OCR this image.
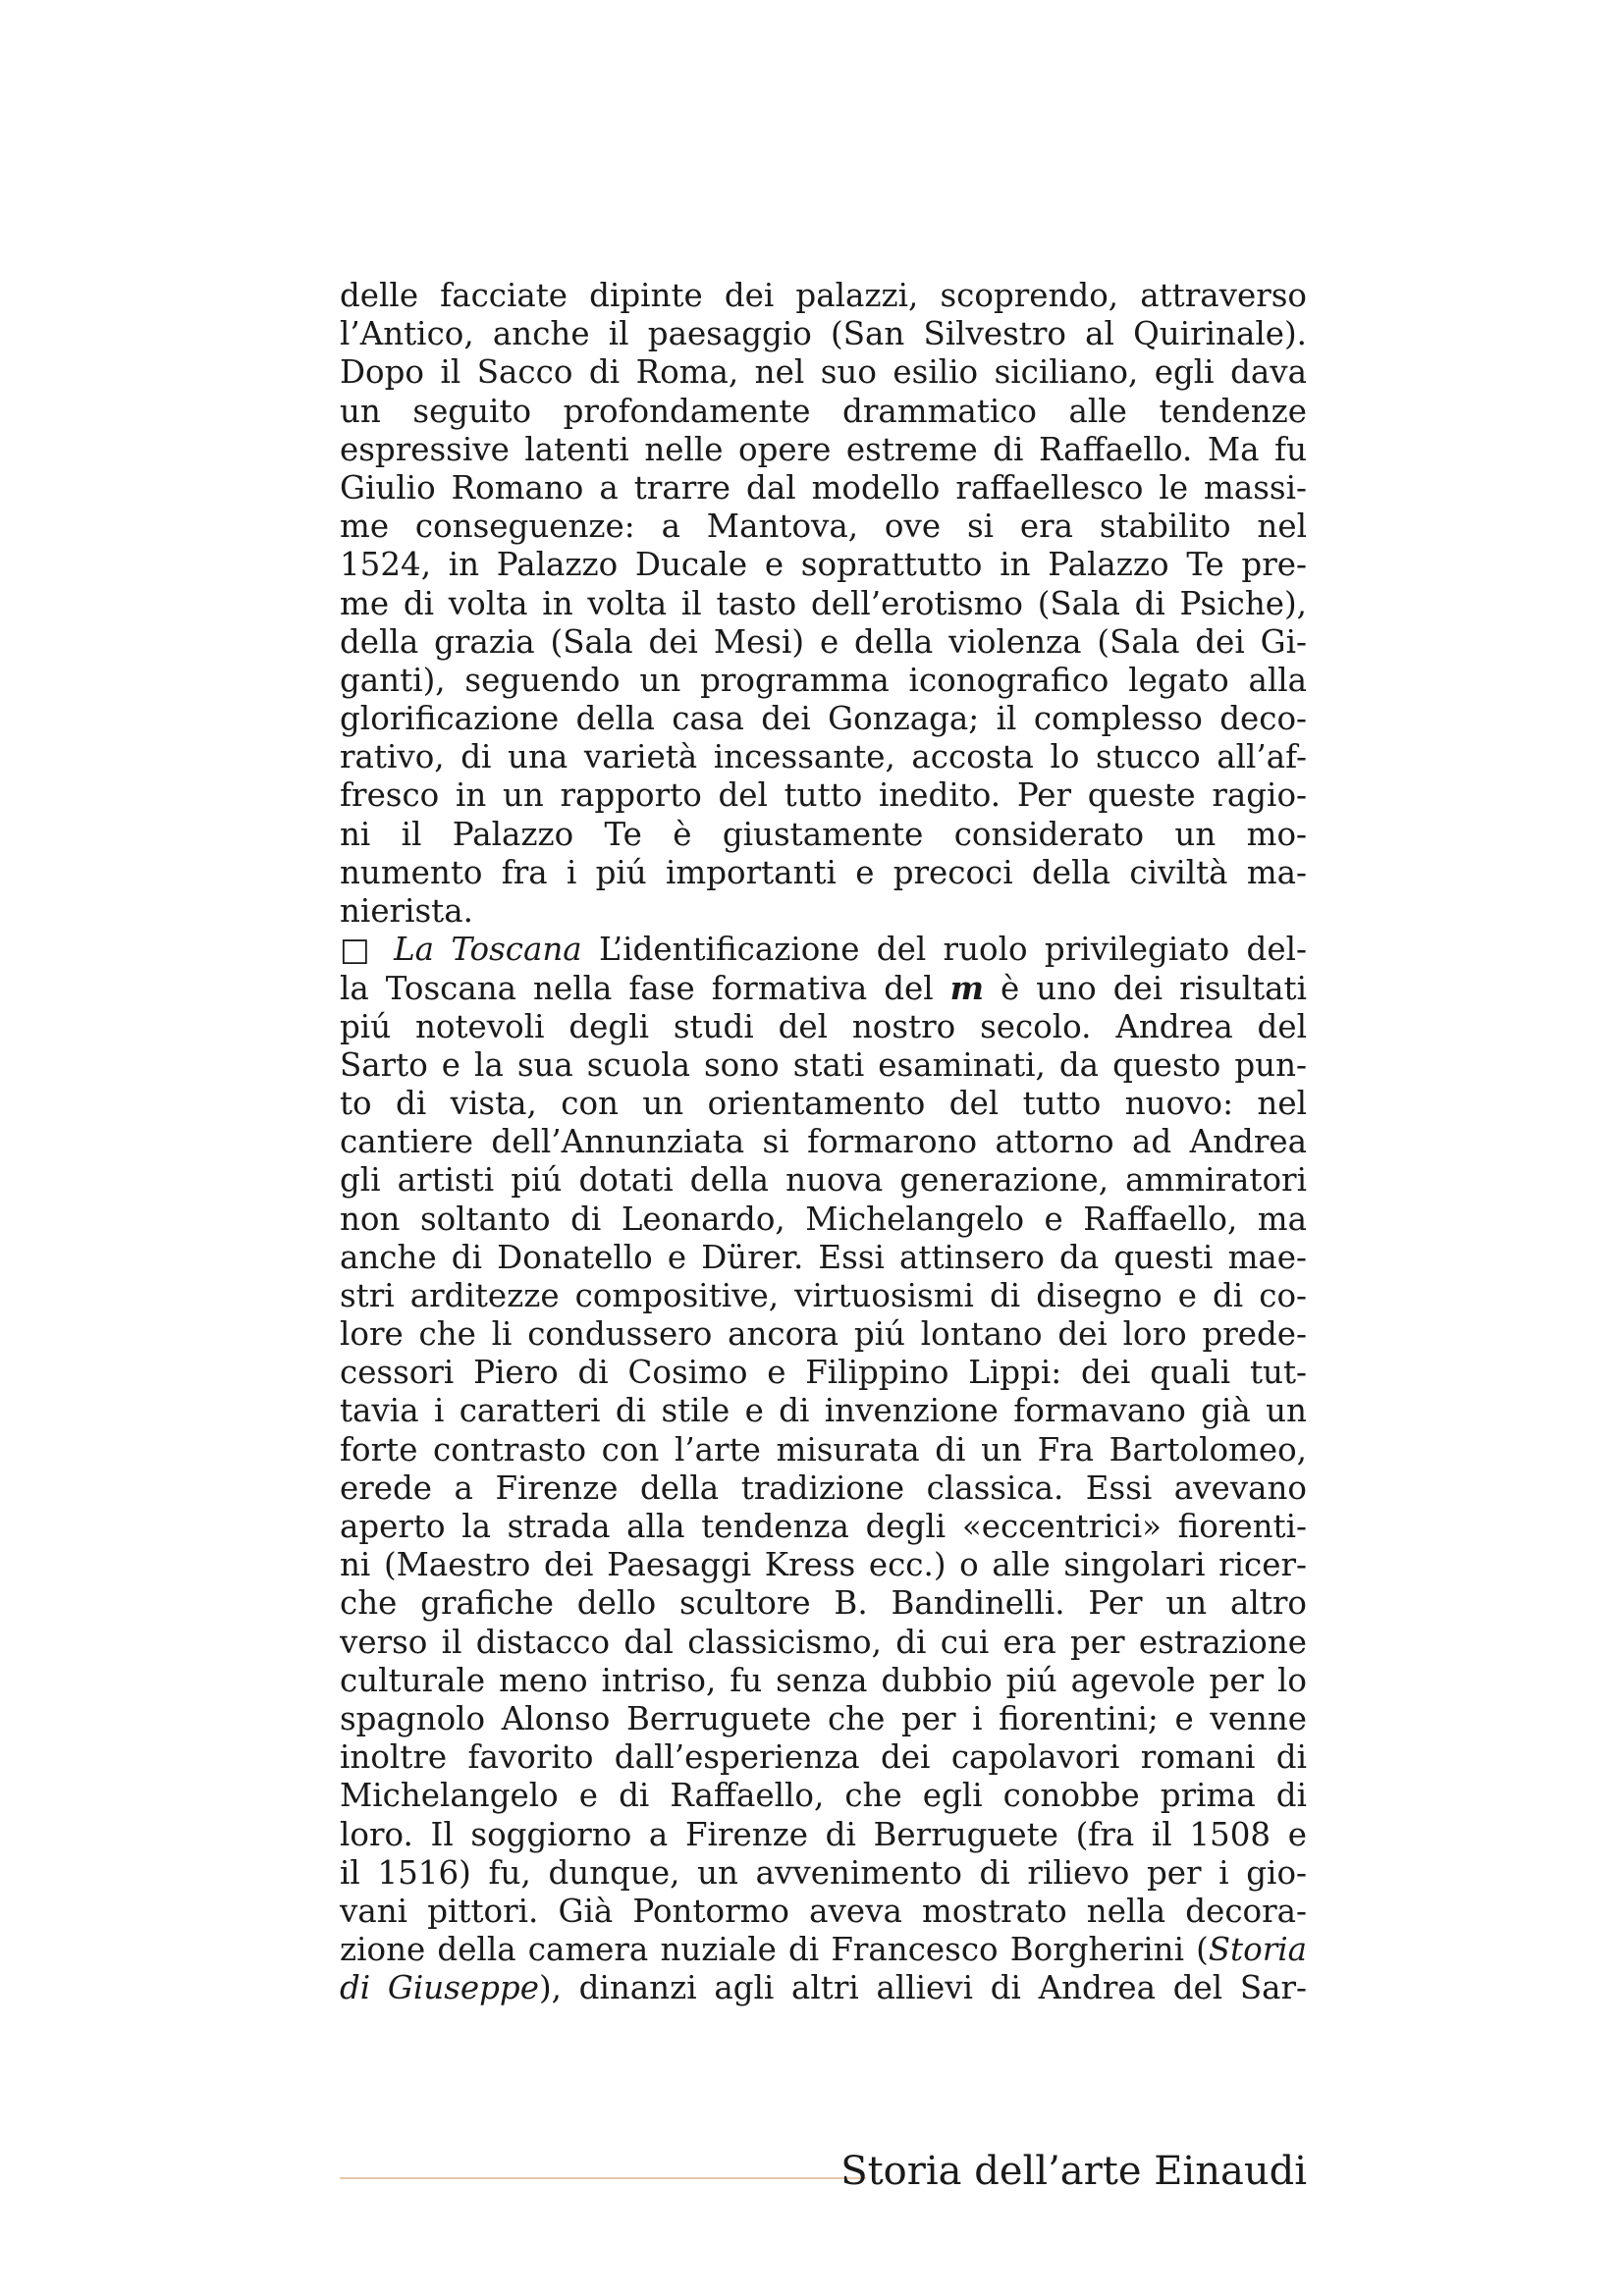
delle facciate dipinte dei palazzi, scoprendo, attraverso
l’Antico, anche il paesaggio (San Silvestro al Quirinale).
Dopo il Sacco di Roma, nel suo esilio siciliano, egli dava
un seguito profondamente drammatico alle tendenze
espressive latenti nelle opere estreme di Raffaello. Ma fu
Giulio Romano a trarre dal modello raffaellesco le massi-
me conseguenze: a Mantova, ove si era stabilito nel
1524, in Palazzo Ducale e soprattutto in Palazzo Te pre-
me di volta in volta il tasto dell’erotismo (Sala di Psiche),
della grazia (Sala dei Mesi) e della violenza (Sala dei Gi-
ganti), seguendo un programma iconografico legato alla
glorificazione della casa dei Gonzaga; il complesso deco-
rativo, di una varietà incessante, accosta lo stucco all’af-
fresco in un rapporto del tutto inedito. Per queste ragio-
ni il Palazzo Te è giustamente considerato un mo-
numento fra i piú importanti e precoci della civiltà ma-
nierista.
□ La Toscana L’identificazione del ruolo privilegiato del-
la Toscana nella fase formativa del m è uno dei risultati
piú notevoli degli studi del nostro secolo. Andrea del
Sarto e la sua scuola sono stati esaminati, da questo pun-
to di vista, con un orientamento del tutto nuovo: nel
cantiere dell’Annunziata si formarono attorno ad Andrea
gli artisti piú dotati della nuova generazione, ammiratori
non soltanto di Leonardo, Michelangelo e Raffaello, ma
anche di Donatello e Dürer. Essi attinsero da questi mae-
stri arditezze compositive, virtuosismi di disegno e di co-
lore che li condussero ancora piú lontano dei loro prede-
cessori Piero di Cosimo e Filippino Lippi: dei quali tut-
tavia i caratteri di stile e di invenzione formavano già un
forte contrasto con l’arte misurata di un Fra Bartolomeo,
erede a Firenze della tradizione classica. Essi avevano
aperto la strada alla tendenza degli «eccentrici» fiorenti-
ni (Maestro dei Paesaggi Kress ecc.) o alle singolari ricer-
che grafiche dello scultore B. Bandinelli. Per un altro
verso il distacco dal classicismo, di cui era per estrazione
culturale meno intriso, fu senza dubbio piú agevole per lo
spagnolo Alonso Berruguete che per i fiorentini; e venne
inoltre favorito dall’esperienza dei capolavori romani di
Michelangelo e di Raffaello, che egli conobbe prima di
loro. Il soggiorno a Firenze di Berruguete (fra il 1508 e
il 1516) fu, dunque, un avvenimento di rilievo per i gio-
vani pittori. Già Pontormo aveva mostrato nella decora-
zione della camera nuziale di Francesco Borgherini (Storia
di Giuseppe), dinanzi agli altri allievi di Andrea del Sar-
Storia dell’arte Einaudi
